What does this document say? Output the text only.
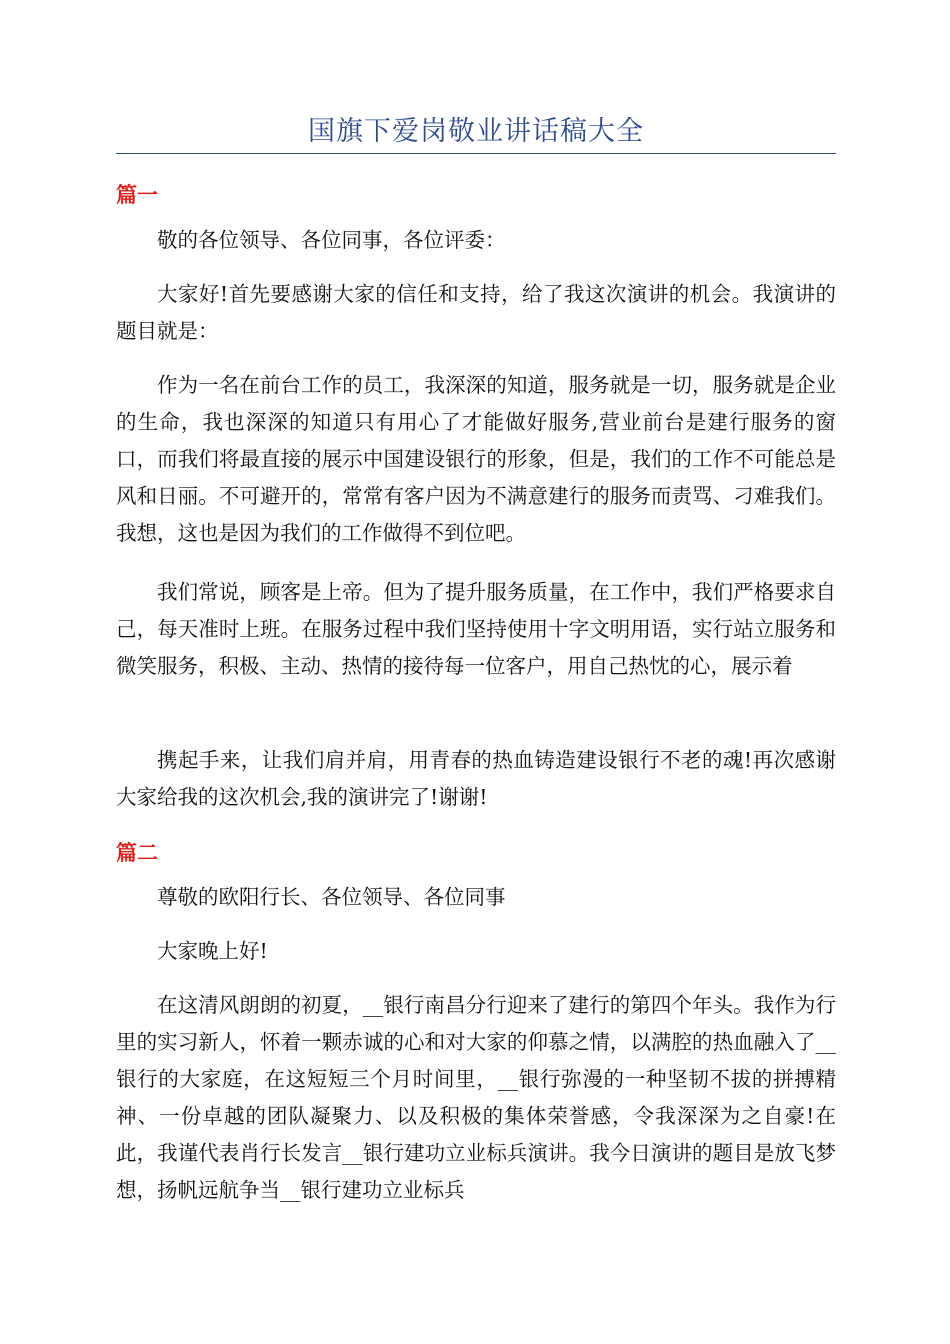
国旗下爱岗敬业讲话稿大全
篇一

敬的各位领导、各位同事，各位评委：

大家好!首先要感谢大家的信任和支持，给了我这次演讲的机会。我演讲的题目就是：

作为一名在前台工作的员工，我深深的知道，服务就是一切，服务就是企业的生命，我也深深的知道只有用心了才能做好服务,营业前台是建行服务的窗口，而我们将最直接的展示中国建设银行的形象，但是，我们的工作不可能总是风和日丽。不可避开的，常常有客户因为不满意建行的服务而责骂、刁难我们。我想，这也是因为我们的工作做得不到位吧。

我们常说，顾客是上帝。但为了提升服务质量，在工作中，我们严格要求自己，每天准时上班。在服务过程中我们坚持使用十字文明用语，实行站立服务和微笑服务，积极、主动、热情的接待每一位客户，用自己热忱的心，展示着

携起手来，让我们肩并肩，用青春的热血铸造建设银行不老的魂!再次感谢大家给我的这次机会,我的演讲完了!谢谢!

篇二

尊敬的欧阳行长、各位领导、各位同事

大家晚上好!

在这清风朗朗的初夏，__银行南昌分行迎来了建行的第四个年头。我作为行里的实习新人，怀着一颗赤诚的心和对大家的仰慕之情，以满腔的热血融入了__银行的大家庭，在这短短三个月时间里，__银行弥漫的一种坚韧不拔的拼搏精神、一份卓越的团队凝聚力、以及积极的集体荣誉感，令我深深为之自豪!在此，我谨代表肖行长发言__银行建功立业标兵演讲。我今日演讲的题目是放飞梦想，扬帆远航争当__银行建功立业标兵
